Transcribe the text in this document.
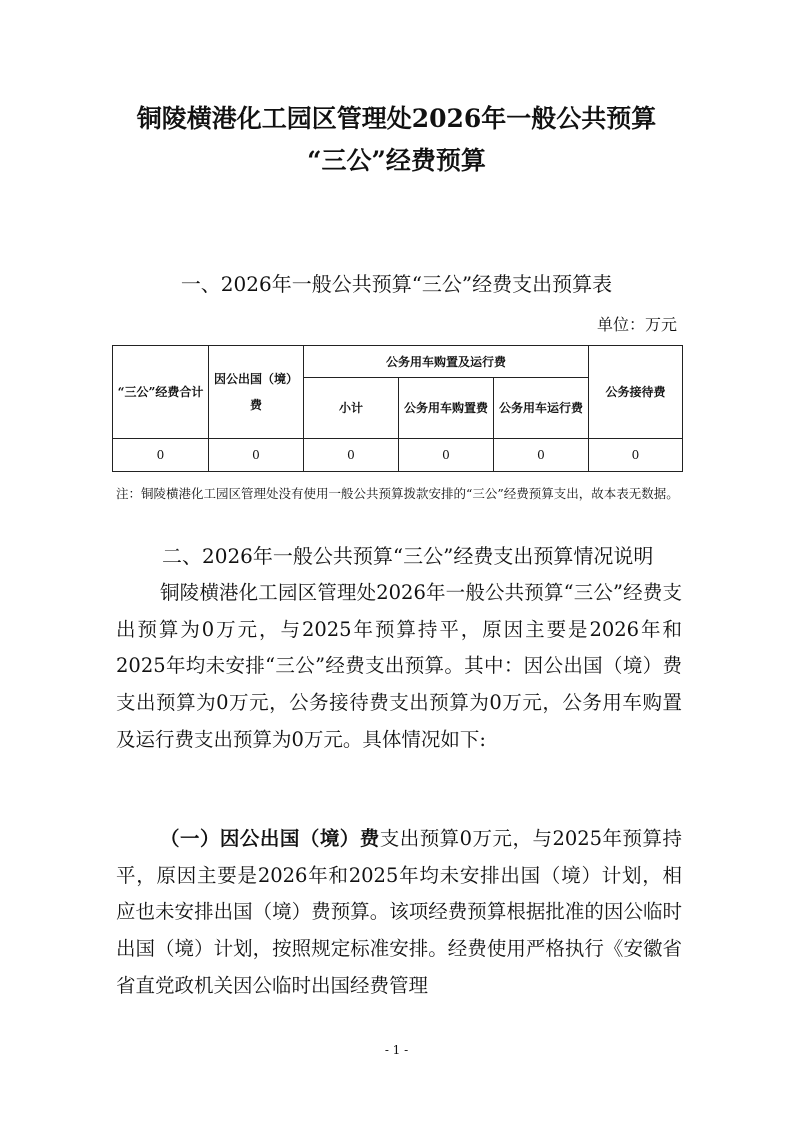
铜陵横港化工园区管理处2026年一般公共预算
“三公”经费预算
一、2026年一般公共预算“三公”经费支出预算表
单位：万元
“三公”经费合计	因公出国（境）费	公务用车购置及运行费			公务接待费
		小计	公务用车购置费	公务用车运行费	
0	0	0	0	0	0
注：铜陵横港化工园区管理处没有使用一般公共预算拨款安排的“三公”经费预算支出，故本表无数据。
二、2026年一般公共预算“三公”经费支出预算情况说明
铜陵横港化工园区管理处2026年一般公共预算“三公”经费支出预算为0万元，与2025年预算持平，原因主要是2026年和2025年均未安排“三公”经费支出预算。其中：因公出国（境）费支出预算为0万元，公务接待费支出预算为0万元，公务用车购置及运行费支出预算为0万元。具体情况如下:
（一）因公出国（境）费支出预算0万元，与2025年预算持平，原因主要是2026年和2025年均未安排出国（境）计划，相应也未安排出国（境）费预算。该项经费预算根据批准的因公临时出国（境）计划，按照规定标准安排。经费使用严格执行《安徽省省直党政机关因公临时出国经费管理
- 1 -
